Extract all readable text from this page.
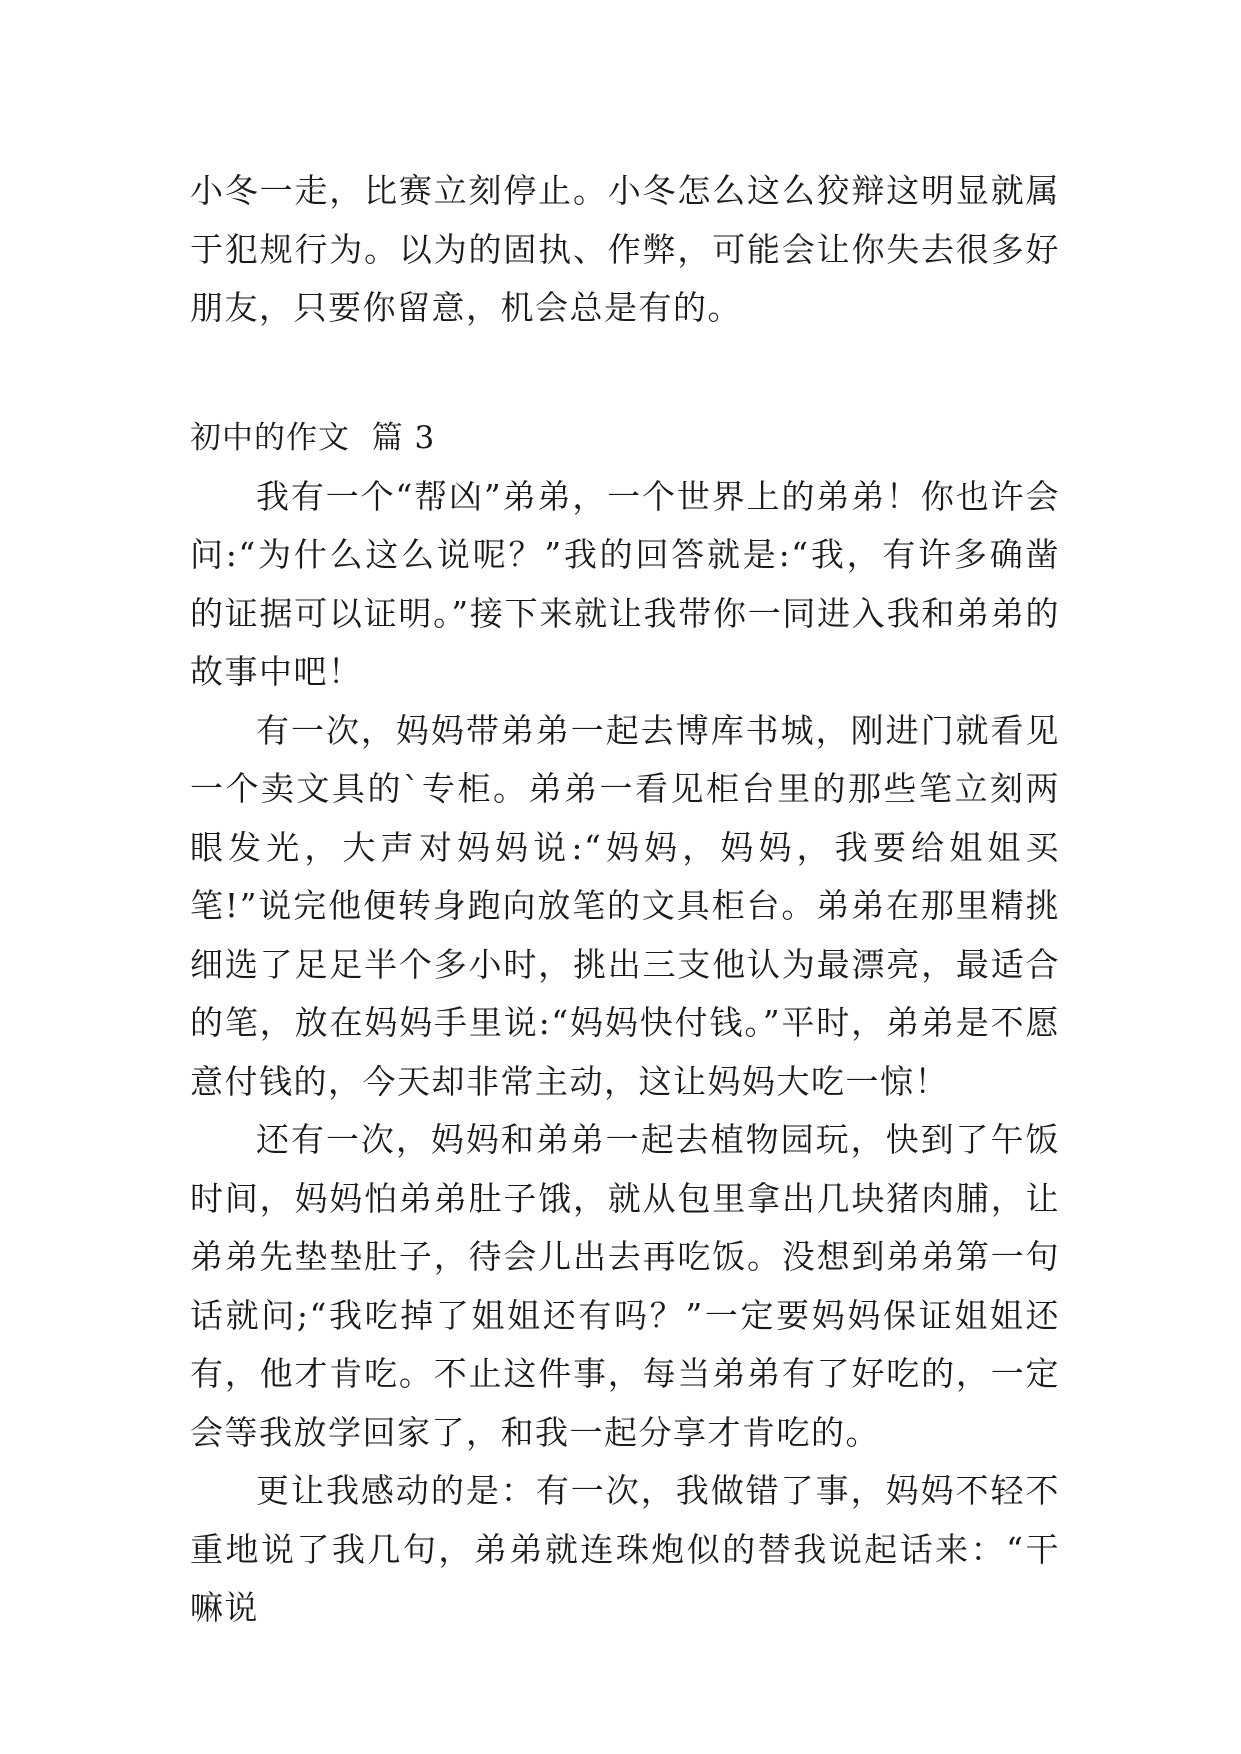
小冬一走，比赛立刻停止。小冬怎么这么狡辩这明显就属于犯规行为。以为的固执、作弊，可能会让你失去很多好朋友，只要你留意，机会总是有的。

初中的作文  篇 3

我有一个“帮凶”弟弟，一个世界上的弟弟！你也许会问:“为什么这么说呢？”我的回答就是:“我，有许多确凿的证据可以证明。”接下来就让我带你一同进入我和弟弟的故事中吧！

有一次，妈妈带弟弟一起去博库书城，刚进门就看见一个卖文具的`专柜。弟弟一看见柜台里的那些笔立刻两眼发光，大声对妈妈说:“妈妈，妈妈，我要给姐姐买笔!”说完他便转身跑向放笔的文具柜台。弟弟在那里精挑细选了足足半个多小时，挑出三支他认为最漂亮，最适合的笔，放在妈妈手里说:“妈妈快付钱。”平时，弟弟是不愿意付钱的，今天却非常主动，这让妈妈大吃一惊！

还有一次，妈妈和弟弟一起去植物园玩，快到了午饭时间，妈妈怕弟弟肚子饿，就从包里拿出几块猪肉脯，让弟弟先垫垫肚子，待会儿出去再吃饭。没想到弟弟第一句话就问;“我吃掉了姐姐还有吗？”一定要妈妈保证姐姐还有，他才肯吃。不止这件事，每当弟弟有了好吃的，一定会等我放学回家了，和我一起分享才肯吃的。

更让我感动的是：有一次，我做错了事，妈妈不轻不重地说了我几句，弟弟就连珠炮似的替我说起话来：“干嘛说
